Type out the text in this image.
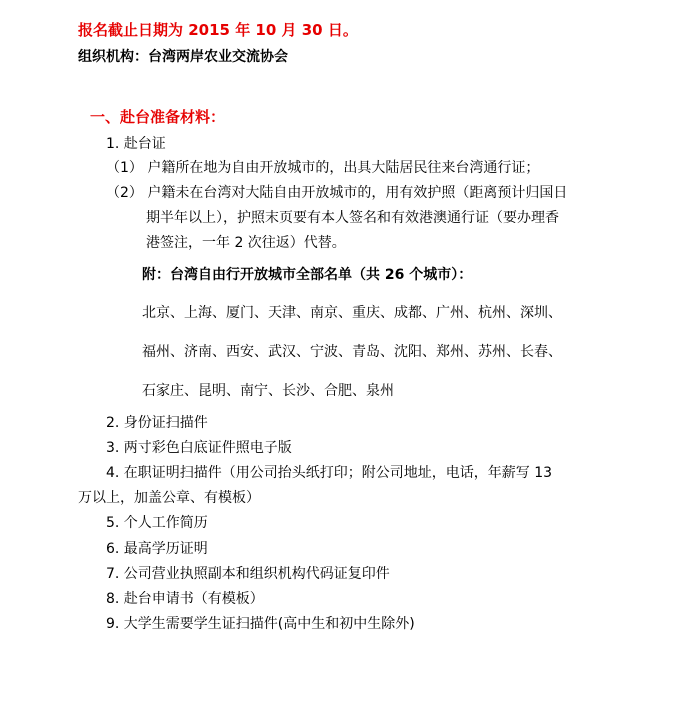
报名截止日期为 2015 年 10 月 30 日。
组织机构：台湾两岸农业交流协会
一、赴台准备材料：
1. 赴台证
（1） 户籍所在地为自由开放城市的，出具大陆居民往来台湾通行证；
（2） 户籍未在台湾对大陆自由开放城市的，用有效护照（距离预计归国日
期半年以上），护照末页要有本人签名和有效港澳通行证（要办理香
港签注，一年 2 次往返）代替。
附：台湾自由行开放城市全部名单（共 26 个城市）：
北京、上海、厦门、天津、南京、重庆、成都、广州、杭州、深圳、
福州、济南、西安、武汉、宁波、青岛、沈阳、郑州、苏州、长春、
石家庄、昆明、南宁、长沙、合肥、泉州
2. 身份证扫描件
3. 两寸彩色白底证件照电子版
4. 在职证明扫描件（用公司抬头纸打印；附公司地址，电话，年薪写 13
万以上，加盖公章、有模板）
5. 个人工作简历
6. 最高学历证明
7. 公司营业执照副本和组织机构代码证复印件
8. 赴台申请书（有模板）
9. 大学生需要学生证扫描件(高中生和初中生除外)
